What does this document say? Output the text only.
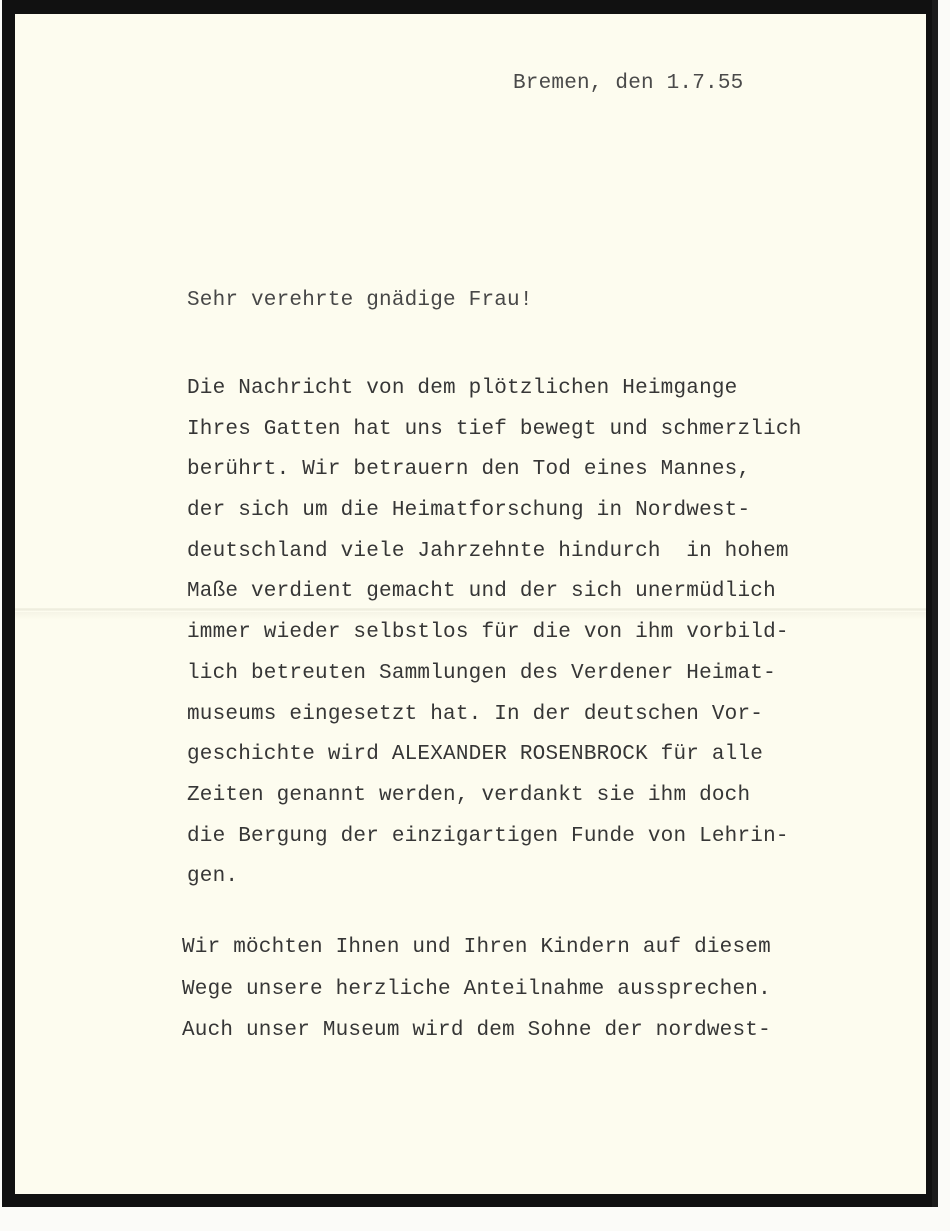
Bremen, den 1.7.55

Sehr verehrte gnädige Frau!

Die Nachricht von dem plötzlichen Heimgange
Ihres Gatten hat uns tief bewegt und schmerzlich
berührt. Wir betrauern den Tod eines Mannes,
der sich um die Heimatforschung in Nordwest-
deutschland viele Jahrzehnte hindurch  in hohem
Maße verdient gemacht und der sich unermüdlich
immer wieder selbstlos für die von ihm vorbild-
lich betreuten Sammlungen des Verdener Heimat-
museums eingesetzt hat. In der deutschen Vor-
geschichte wird ALEXANDER ROSENBROCK für alle
Zeiten genannt werden, verdankt sie ihm doch
die Bergung der einzigartigen Funde von Lehrin-
gen.
Wir möchten Ihnen und Ihren Kindern auf diesem
Wege unsere herzliche Anteilnahme aussprechen.
Auch unser Museum wird dem Sohne der nordwest-
